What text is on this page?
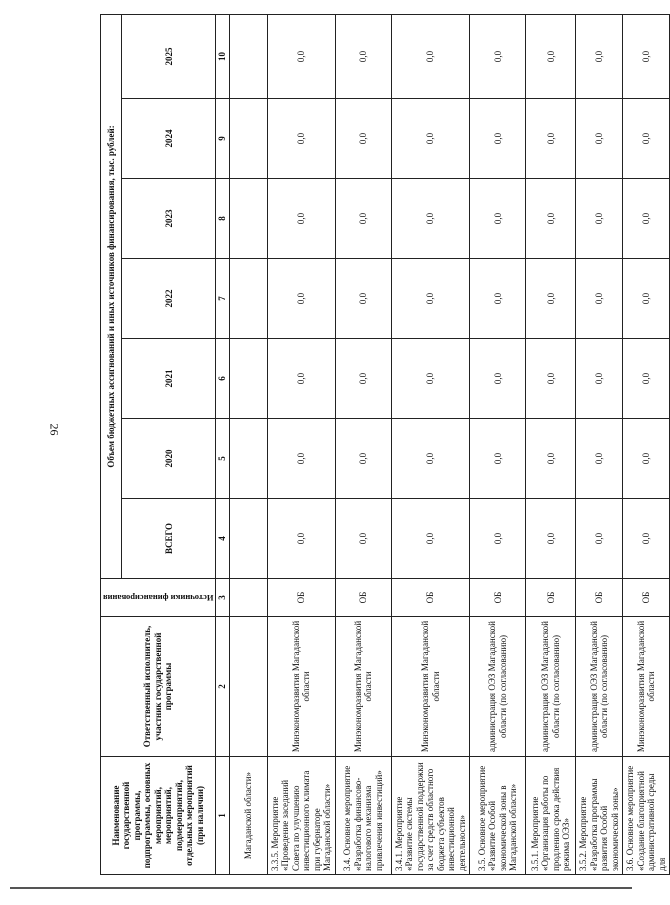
26
Наименование государственной программы, подпрограммы, основных мероприятий, мероприятий, подмероприятий, отдельных мероприятий (при наличии)	Ответственный исполнитель, участник государственной программы	Источники финансирования	Объем бюджетных ассигнований и иных источников финансирования, тыс. рублей:						
			ВСЕГО	2020	2021	2022	2023	2024	2025
1	2	3	4	5	6	7	8	9	10
Магаданской области»									
3.3.5. Мероприятие «Проведение заседаний Совета по улучшению инвестиционного климата при губернаторе Магаданской области»	Минэкономразвития Магаданской области	ОБ	0,0	0,0	0,0	0,0	0,0	0,0	0,0
3.4. Основное мероприятие «Разработка финансово-налогового механизма привлечения инвестиций»	Минэкономразвития Магаданской области	ОБ	0,0	0,0	0,0	0,0	0,0	0,0	0,0
3.4.1. Мероприятие «Развитие системы государственной поддержки за счет средств областного бюджета субъектов инвестиционной деятельности»	Минэкономразвития Магаданской области	ОБ	0,0	0,0	0,0	0,0	0,0	0,0	0,0
3.5. Основное мероприятие «Развитие Особой экономической зоны в Магаданской области»	администрация ОЭЗ Магаданской области (по согласованию)	ОБ	0,0	0,0	0,0	0,0	0,0	0,0	0,0
3.5.1. Мероприятие «Организация работы по продлению срока действия режима ОЭЗ»	администрация ОЭЗ Магаданской области (по согласованию)	ОБ	0,0	0,0	0,0	0,0	0,0	0,0	0,0
3.5.2. Мероприятие «Разработка программы развития Особой экономической зоны»	администрация ОЭЗ Магаданской области (по согласованию)	ОБ	0,0	0,0	0,0	0,0	0,0	0,0	0,0
3.6. Основное мероприятие «Создание благоприятной административной среды для	Минэкономразвития Магаданской области	ОБ	0,0	0,0	0,0	0,0	0,0	0,0	0,0
